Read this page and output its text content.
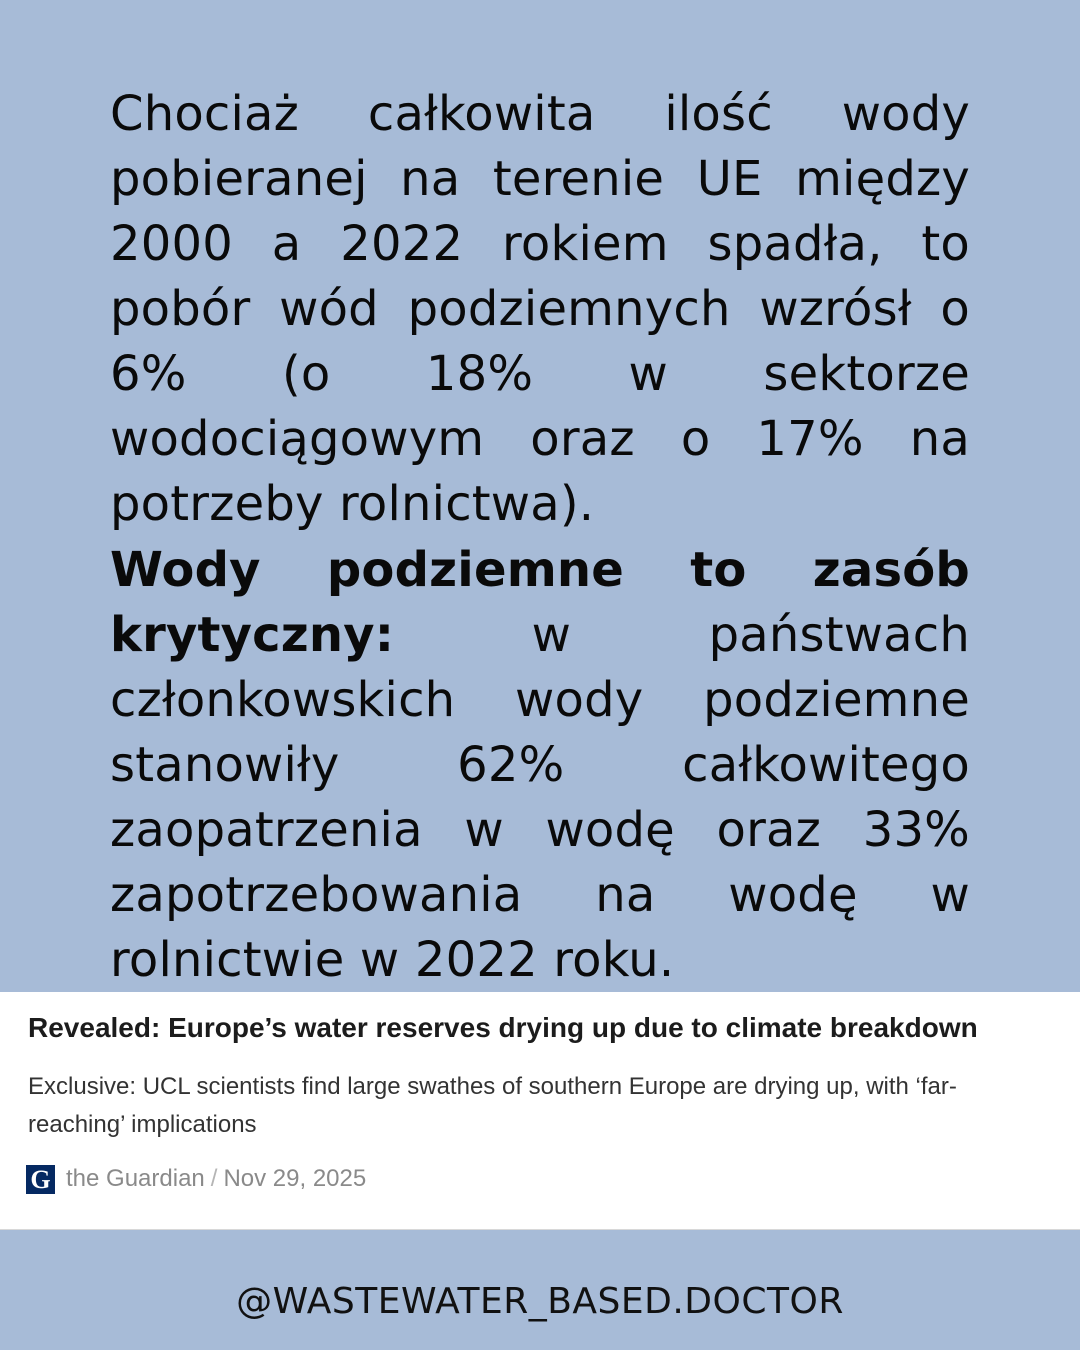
Chociaż całkowita ilość wody pobieranej na terenie UE między 2000 a 2022 rokiem spadła, to pobór wód podziemnych wzrósł o 6% (o 18% w sektorze wodociągowym oraz o 17% na potrzeby rolnictwa).
Wody podziemne to zasób krytyczny: w państwach członkowskich wody podziemne stanowiły 62% całkowitego zaopatrzenia w wodę oraz 33% zapotrzebowania na wodę w rolnictwie w 2022 roku.
Revealed: Europe’s water reserves drying up due to climate breakdown
Exclusive: UCL scientists find large swathes of southern Europe are drying up, with ‘far-reaching’ implications
G the Guardian / Nov 29, 2025
@WASTEWATER_BASED.DOCTOR
